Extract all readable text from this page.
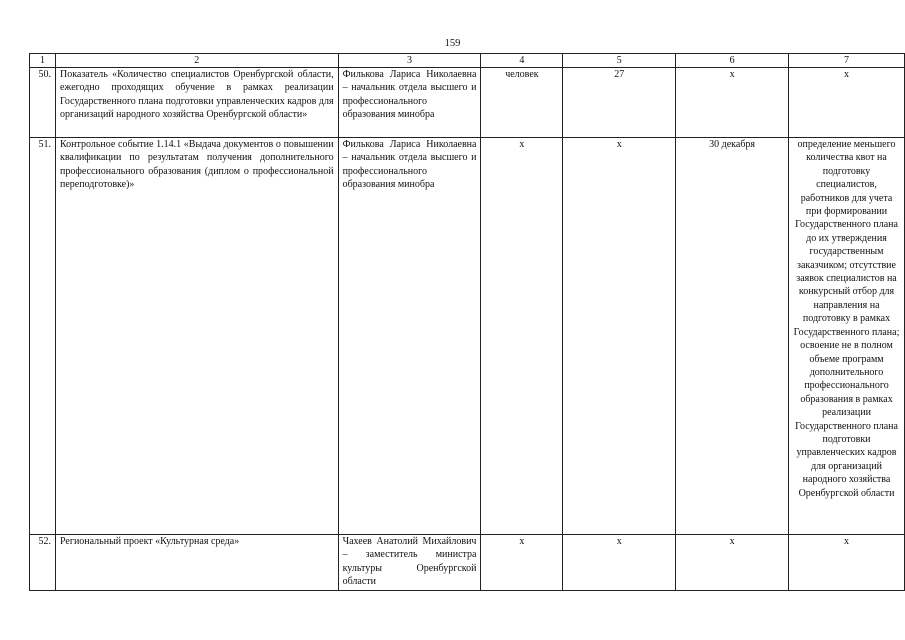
159
1	2	3	4	5	6	7
50.	Показатель «Количество специалистов Оренбургской области, ежегодно проходящих обучение в рамках реализации Государственного плана подготовки управленческих кадров для организаций народного хозяйства Оренбургской области»	Филькова Лариса Николаевна – начальник отдела высшего и профессионального образования минобра	человек	27	х	х
51.	Контрольное событие 1.14.1 «Выдача документов о повышении квалификации по результатам получения дополнительного профессионального образования (диплом о профессиональной переподготовке)»	Филькова Лариса Николаевна – начальник отдела высшего и профессионального образования минобра	х	х	30 декабря	определение меньшего количества квот на подготовку специалистов, работников для учета при формировании Государственного плана до их утверждения государственным заказчиком; отсутствие заявок специалистов на конкурсный отбор для направления на подготовку в рамках Государственного плана; освоение не в полном объеме программ дополнительного профессионального образования в рамках реализации Государственного плана подготовки управленческих кадров для организаций народного хозяйства Оренбургской области
52.	Региональный проект «Культурная среда»	Чахеев Анатолий Михайлович – заместитель министра культуры Оренбургской области	х	х	х	х
